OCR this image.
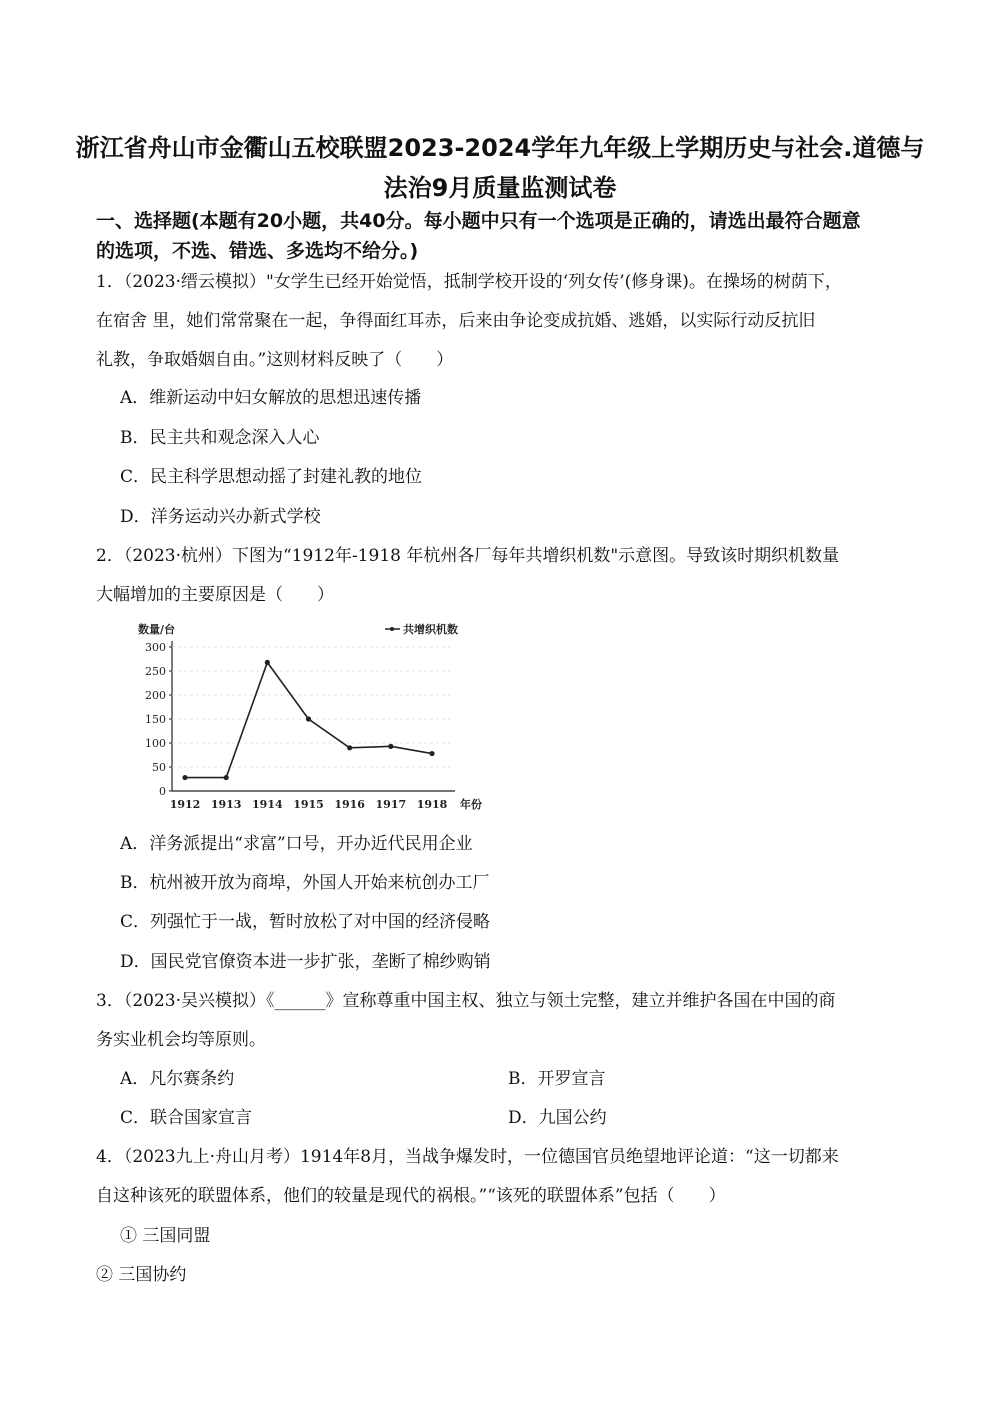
浙江省舟山市金衢山五校联盟2023-2024学年九年级上学期历史与社会.道德与
法治9月质量监测试卷
一、选择题(本题有20小题，共40分。每小题中只有一个选项是正确的，请选出最符合题意
的选项，不选、错选、多选均不给分。)
1．（2023·缙云模拟）"女学生已经开始觉悟，抵制学校开设的‘列女传’(修身课)。在操场的树荫下，
在宿舍 里，她们常常聚在一起，争得面红耳赤，后来由争论变成抗婚、逃婚，以实际行动反抗旧
礼教，争取婚姻自由。”这则材料反映了（　　）
A．维新运动中妇女解放的思想迅速传播
B．民主共和观念深入人心
C．民主科学思想动摇了封建礼教的地位
D．洋务运动兴办新式学校
2．（2023·杭州）下图为“1912年-1918 年杭州各厂每年共增织机数"示意图。导致该时期织机数量
大幅增加的主要原因是（　　）
数量/台	共增织机数
年份
0
50
100
150
200
250
300
1912 1913 1914 1915 1916 1917 1918
A．洋务派提出“求富”口号，开办近代民用企业
B．杭州被开放为商埠，外国人开始来杭创办工厂
C．列强忙于一战，暂时放松了对中国的经济侵略
D．国民党官僚资本进一步扩张，垄断了棉纱购销
3．（2023·吴兴模拟）《______》宣称尊重中国主权、独立与领土完整，建立并维护各国在中国的商
务实业机会均等原则。
A．凡尔赛条约	B．开罗宣言
C．联合国家宣言	D．九国公约
4．（2023九上·舟山月考）1914年8月，当战争爆发时，一位德国官员绝望地评论道：“这一切都来
自这种该死的联盟体系，他们的较量是现代的祸根。”“该死的联盟体系”包括（　　）
① 三国同盟
② 三国协约
